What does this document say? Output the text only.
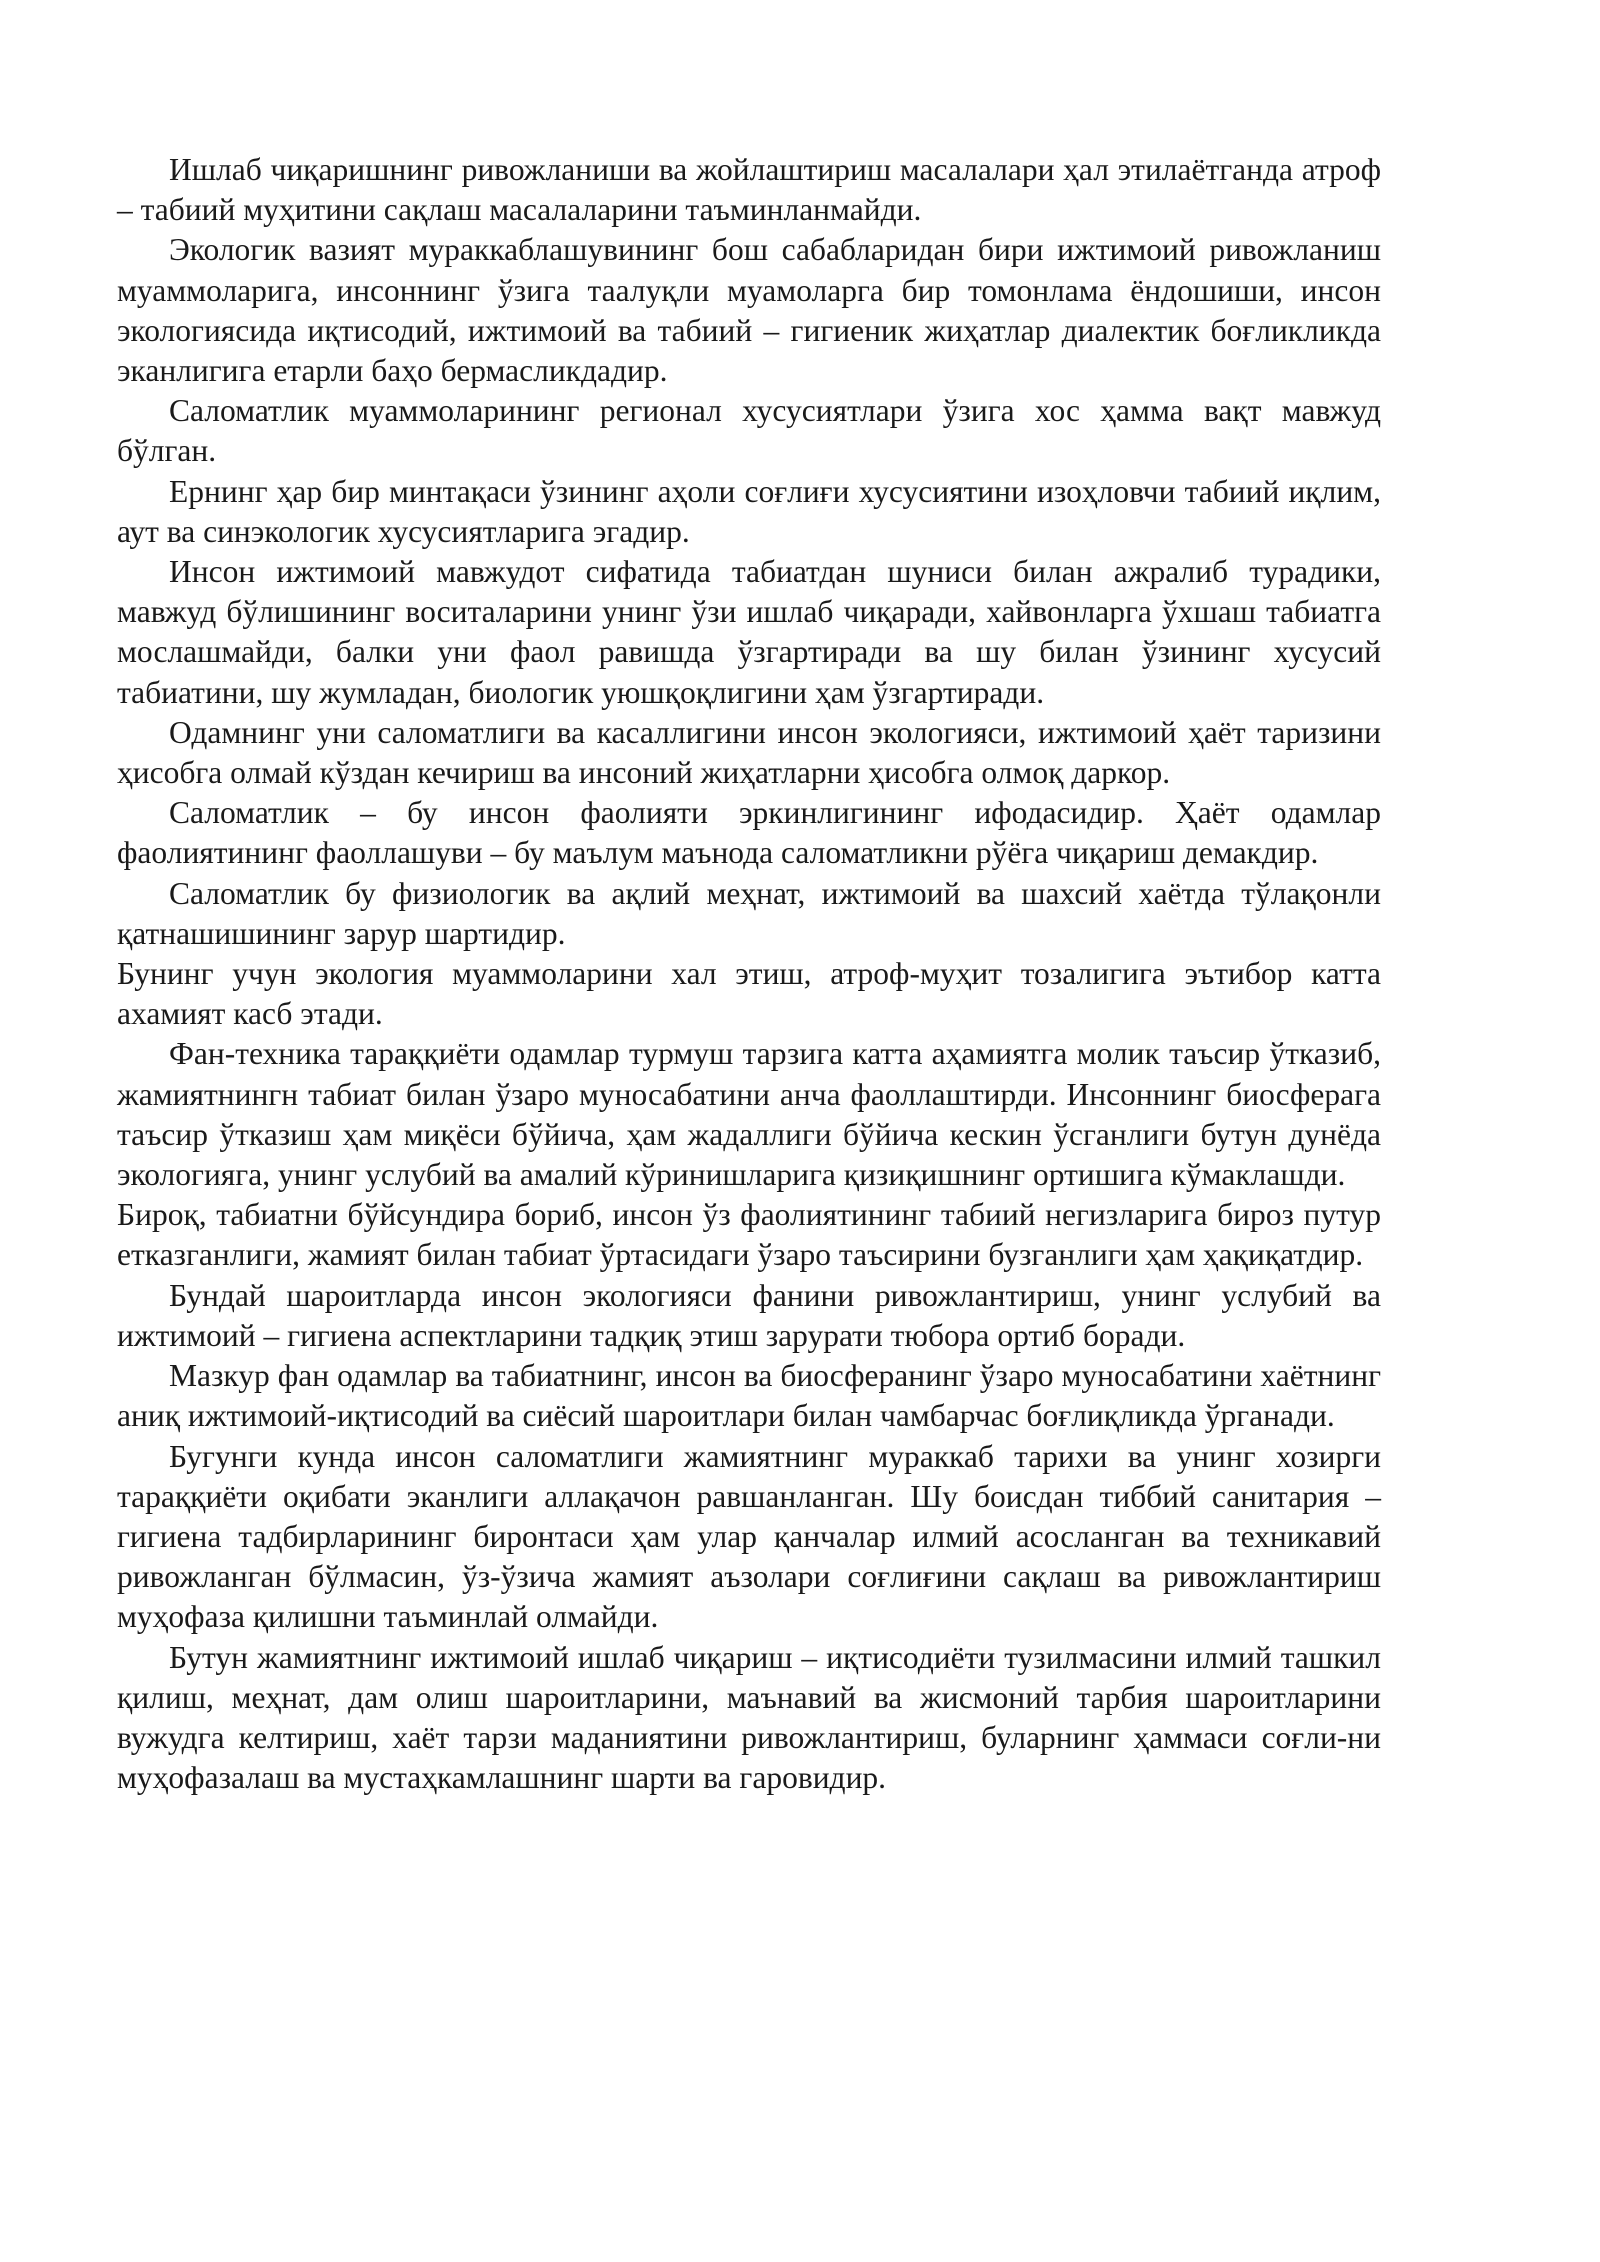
Ишлаб чиқаришнинг ривожланиши ва жойлаштириш масалалари ҳал этилаётганда атроф – табиий муҳитини сақлаш масалаларини таъминланмайди.

Экологик вазият мураккаблашувининг бош сабабларидан бири ижтимоий ривожланиш муаммоларига, инсоннинг ўзига таалуқли муамоларга бир томонлама ёндошиши, инсон экологиясида иқтисодий, ижтимоий ва табиий – гигиеник жиҳатлар диалектик боғликликда эканлигига етарли баҳо бермасликдадир.

Саломатлик муаммоларининг регионал хусусиятлари ўзига хос ҳамма вақт мавжуд бўлган.

Ернинг ҳар бир минтақаси ўзининг аҳоли соғлиғи хусусиятини изоҳловчи табиий иқлим, аут ва синэкологик хусусиятларига эгадир.

Инсон ижтимоий мавжудот сифатида табиатдан шуниси билан ажралиб турадики, мавжуд бўлишининг воситаларини унинг ўзи ишлаб чиқаради, хайвонларга ўхшаш табиатга мослашмайди, балки уни фаол равишда ўзгартиради ва шу билан ўзининг хусусий табиатини, шу жумладан, биологик уюшқоқлигини ҳам ўзгартиради.

Одамнинг уни саломатлиги ва касаллигини инсон экологияси, ижтимоий ҳаёт таризини ҳисобга олмай кўздан кечириш ва инсоний жиҳатларни ҳисобга олмоқ даркор.

Саломатлик – бу инсон фаолияти эркинлигининг ифодасидир. Ҳаёт одамлар фаолиятининг фаоллашуви – бу маълум маънода саломатликни рўёга чиқариш демакдир.

Саломатлик бу физиологик ва ақлий меҳнат, ижтимоий ва шахсий хаётда тўлақонли қатнашишининг зарур шартидир.

Бунинг учун экология муаммоларини хал этиш, атроф-муҳит тозалигига эътибор катта ахамият касб этади.

Фан-техника тараққиёти одамлар турмуш тарзига катта аҳамиятга молик таъсир ўтказиб, жамиятнингн табиат билан ўзаро муносабатини анча фаоллаштирди. Инсоннинг биосферага таъсир ўтказиш ҳам миқёси бўйича, ҳам жадаллиги бўйича кескин ўсганлиги бутун дунёда экологияга, унинг услубий ва амалий кўринишларига қизиқишнинг ортишига кўмаклашди.

Бироқ, табиатни бўйсундира бориб, инсон ўз фаолиятининг табиий негизларига бироз путур етказганлиги, жамият билан табиат ўртасидаги ўзаро таъсирини бузганлиги ҳам ҳақиқатдир.

Бундай шароитларда инсон экологияси фанини ривожлантириш, унинг услубий ва ижтимоий – гигиена аспектларини тадқиқ этиш зарурати тюбора ортиб боради.

Мазкур фан одамлар ва табиатнинг, инсон ва биосферанинг ўзаро муносабатини хаётнинг аниқ ижтимоий-иқтисодий ва сиёсий шароитлари билан чамбарчас боғлиқликда ўрганади.

Бугунги кунда инсон саломатлиги жамиятнинг мураккаб тарихи ва унинг хозирги тараққиёти оқибати эканлиги аллақачон равшанланган. Шу боисдан тиббий санитария – гигиена тадбирларининг биронтаси ҳам улар қанчалар илмий асосланган ва техникавий ривожланган бўлмасин, ўз-ўзича жамият аъзолари соғлиғини сақлаш ва ривожлантириш муҳофаза қилишни таъминлай олмайди.

Бутун жамиятнинг ижтимоий ишлаб чиқариш – иқтисодиёти тузилмасини илмий ташкил қилиш, меҳнат, дам олиш шароитларини, маънавий ва жисмоний тарбия шароитларини вужудга келтириш, хаёт тарзи маданиятини ривожлантириш, буларнинг ҳаммаси соғли-ни муҳофазалаш ва мустаҳкамлашнинг шарти ва гаровидир.
